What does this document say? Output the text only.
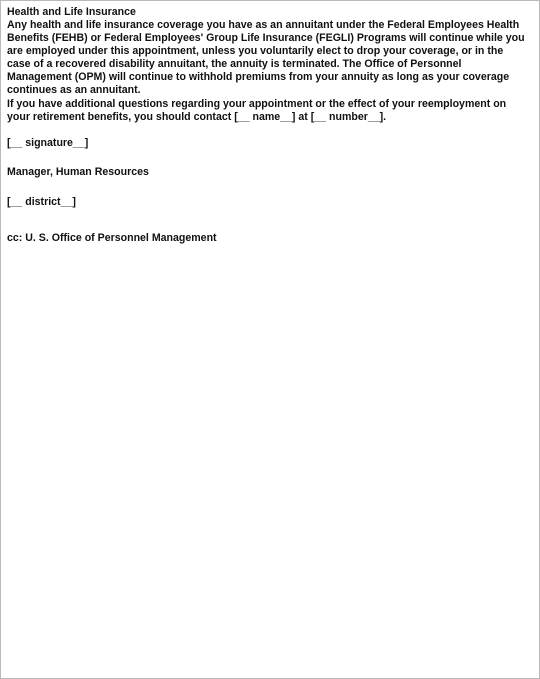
Health and Life Insurance

Any health and life insurance coverage you have as an annuitant under the Federal Employees Health Benefits (FEHB) or Federal Employees' Group Life Insurance (FEGLI) Programs will continue while you are employed under this appointment, unless you voluntarily elect to drop your coverage, or in the case of a recovered disability annuitant, the annuity is terminated. The Office of Personnel Management (OPM) will continue to withhold premiums from your annuity as long as your coverage continues as an annuitant.

If you have additional questions regarding your appointment or the effect of your reemployment on your retirement benefits, you should contact [__ name__] at [__ number__].

[__ signature__]
Manager, Human Resources
[__ district__]
cc: U. S. Office of Personnel Management
